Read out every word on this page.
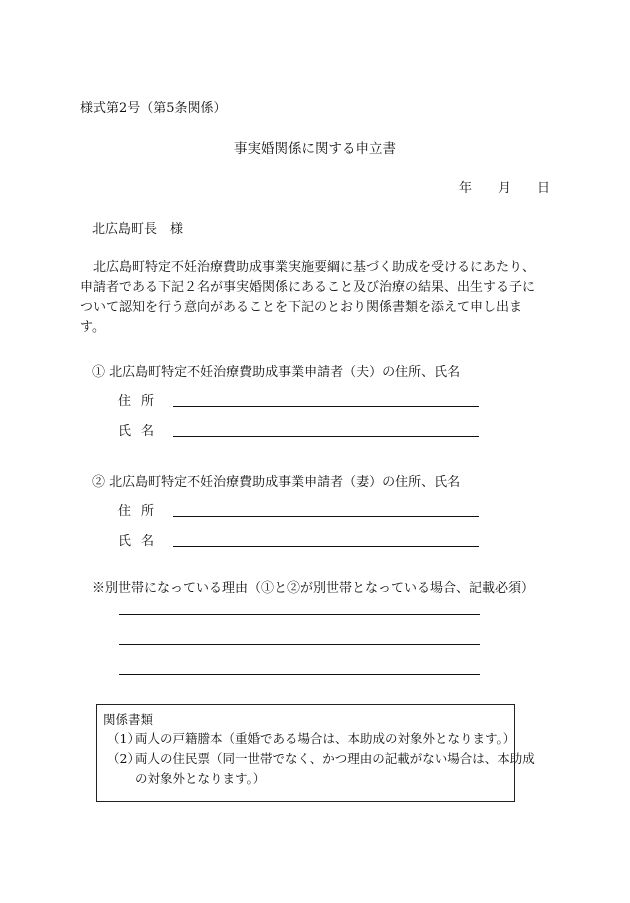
様式第2号（第5条関係）
事実婚関係に関する申立書
年 月 日
北広島町長　様
北広島町特定不妊治療費助成事業実施要綱に基づく助成を受けるにあたり、
申請者である下記２名が事実婚関係にあること及び治療の結果、出生する子に
ついて認知を行う意向があることを下記のとおり関係書類を添えて申し出ま
す。
① 北広島町特定不妊治療費助成事業申請者（夫）の住所、氏名
住所
氏名
② 北広島町特定不妊治療費助成事業申請者（妻）の住所、氏名
住所
氏名
※別世帯になっている理由（①と②が別世帯となっている場合、記載必須）
関係書類
（1）両人の戸籍謄本（重婚である場合は、本助成の対象外となります。）
（2）両人の住民票（同一世帯でなく、かつ理由の記載がない場合は、本助成
の対象外となります。）
